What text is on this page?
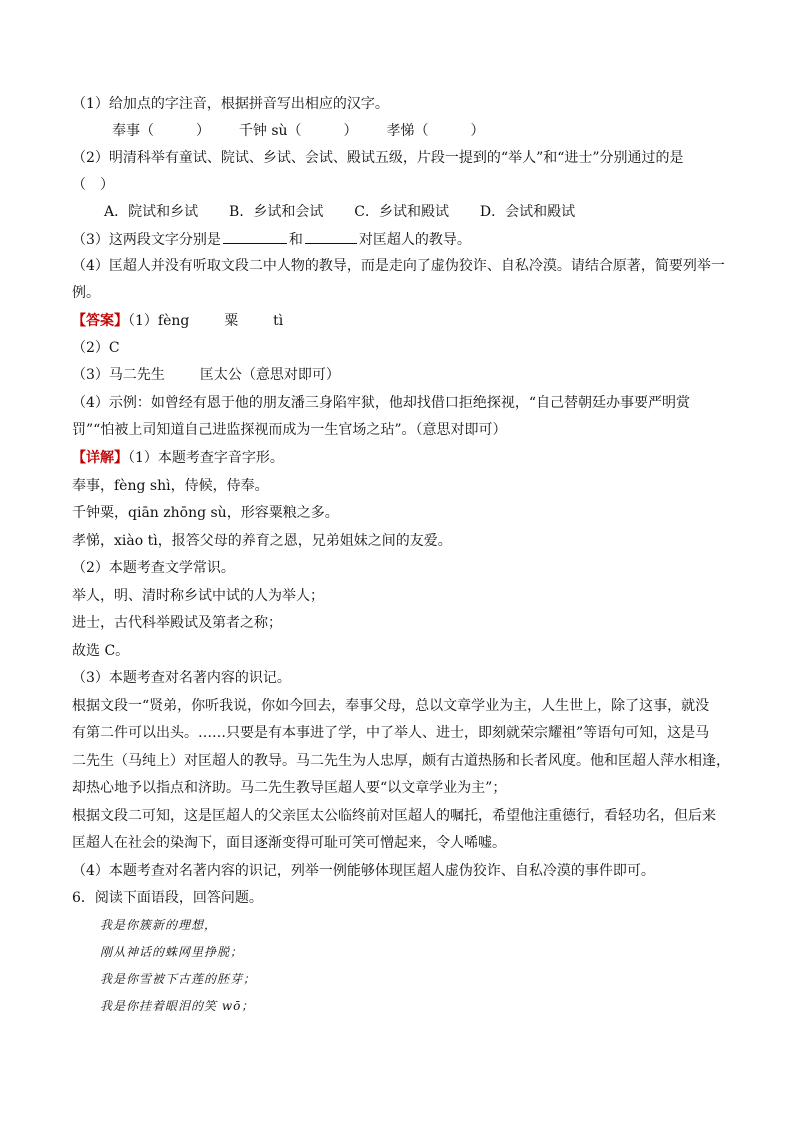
（1）给加点的字注音，根据拼音写出相应的汉字。
奉事（　　　） 千钟 sù（　　　） 孝悌（　　　）
（2）明清科举有童试、院试、乡试、会试、殿试五级，片段一提到的“举人”和“进士”分别通过的是
（　）
A．院试和乡试 B．乡试和会试 C．乡试和殿试 D．会试和殿试
（3）这两段文字分别是	和	对匡超人的教导。
（4）匡超人并没有听取文段二中人物的教导，而是走向了虚伪狡诈、自私冷漠。请结合原著，简要列举一
例。
【答案】（1）fèng 粟 tì
（2）C
（3）马二先生 匡太公（意思对即可）
（4）示例：如曾经有恩于他的朋友潘三身陷牢狱，他却找借口拒绝探视，“自己替朝廷办事要严明赏
罚”“怕被上司知道自己进监探视而成为一生官场之玷”。（意思对即可）
【详解】（1）本题考查字音字形。
奉事，fèng shì，侍候，侍奉。
千钟粟，qiān zhōng sù，形容粟粮之多。
孝悌，xiào tì，报答父母的养育之恩，兄弟姐妹之间的友爱。
（2）本题考查文学常识。
举人，明、清时称乡试中试的人为举人；
进士，古代科举殿试及第者之称；
故选 C。
（3）本题考查对名著内容的识记。
根据文段一“贤弟，你听我说，你如今回去，奉事父母，总以文章学业为主，人生世上，除了这事，就没
有第二件可以出头。……只要是有本事进了学，中了举人、进士，即刻就荣宗耀祖”等语句可知，这是马
二先生（马纯上）对匡超人的教导。马二先生为人忠厚，颇有古道热肠和长者风度。他和匡超人萍水相逢，
却热心地予以指点和济助。马二先生教导匡超人要“以文章学业为主”；
根据文段二可知，这是匡超人的父亲匡太公临终前对匡超人的嘱托，希望他注重德行，看轻功名，但后来
匡超人在社会的染淘下，面目逐渐变得可耻可笑可憎起来，令人唏嘘。
（4）本题考查对名著内容的识记，列举一例能够体现匡超人虚伪狡诈、自私冷漠的事件即可。
6．阅读下面语段，回答问题。
我是你簇新的理想，
刚从神话的蛛网里挣脱；
我是你雪被下古莲的胚芽；
我是你挂着眼泪的笑 wō；
